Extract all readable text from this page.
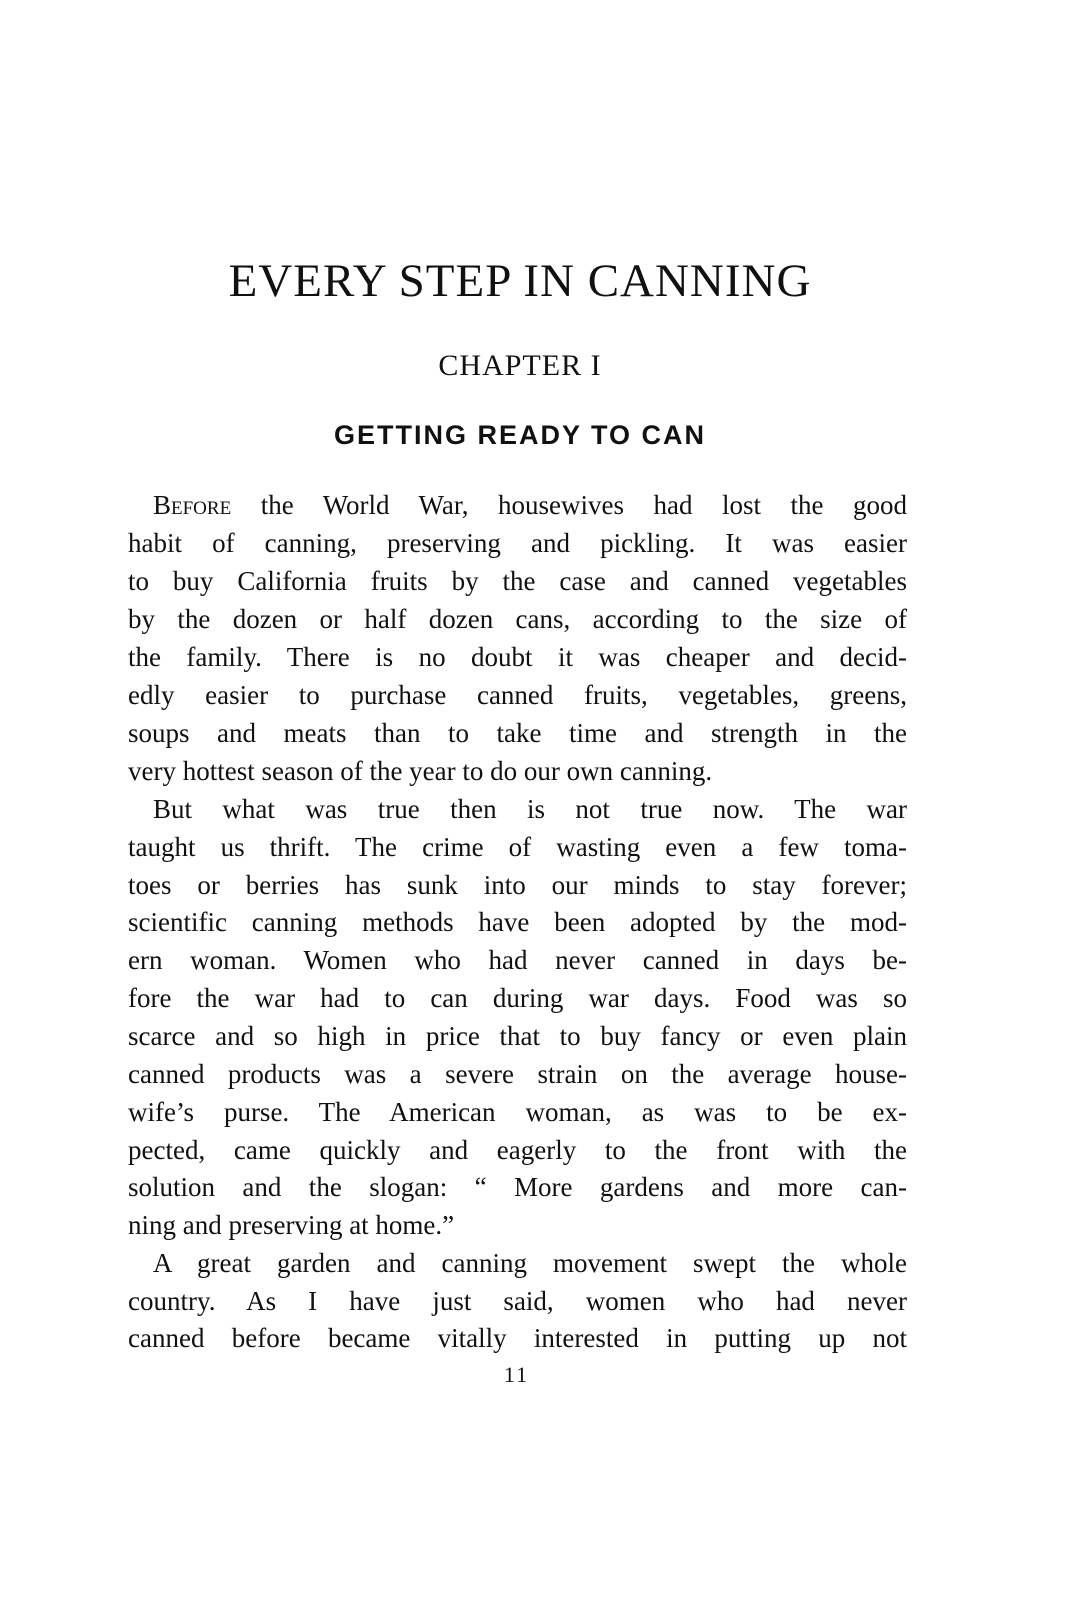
EVERY STEP IN CANNING
CHAPTER I
GETTING READY TO CAN
Before the World War, housewives had lost the good
habit of canning, preserving and pickling. It was easier
to buy California fruits by the case and canned vegetables
by the dozen or half dozen cans, according to the size of
the family. There is no doubt it was cheaper and decid-
edly easier to purchase canned fruits, vegetables, greens,
soups and meats than to take time and strength in the
very hottest season of the year to do our own canning.
But what was true then is not true now. The war
taught us thrift. The crime of wasting even a few toma-
toes or berries has sunk into our minds to stay forever;
scientific canning methods have been adopted by the mod-
ern woman. Women who had never canned in days be-
fore the war had to can during war days. Food was so
scarce and so high in price that to buy fancy or even plain
canned products was a severe strain on the average house-
wife’s purse. The American woman, as was to be ex-
pected, came quickly and eagerly to the front with the
solution and the slogan: “ More gardens and more can-
ning and preserving at home.”
A great garden and canning movement swept the whole
country. As I have just said, women who had never
canned before became vitally interested in putting up not
11
